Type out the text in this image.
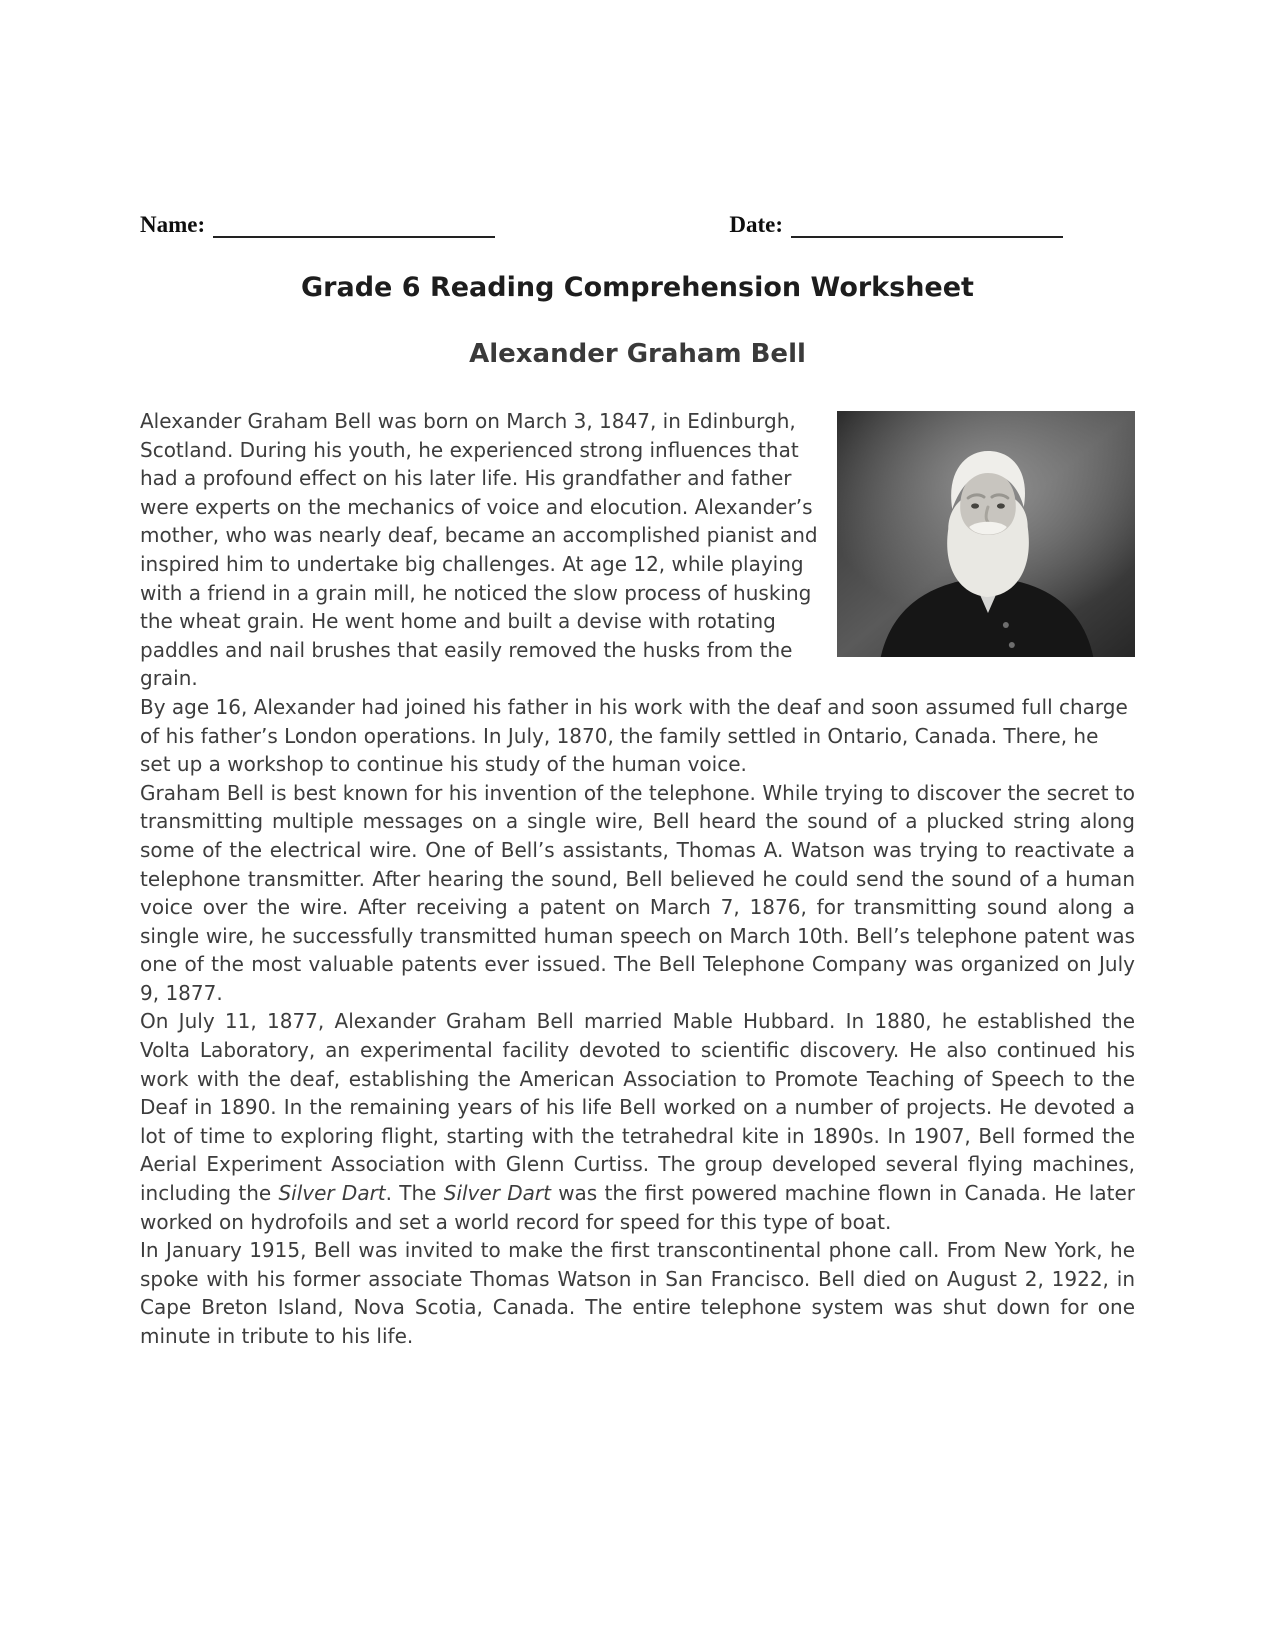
Name:	Date:
Grade 6 Reading Comprehension Worksheet
Alexander Graham Bell

Alexander Graham Bell was born on March 3, 1847, in Edinburgh, Scotland. During his youth, he experienced strong influences that had a profound effect on his later life. His grandfather and father were experts on the mechanics of voice and elocution. Alexander’s mother, who was nearly deaf, became an accomplished pianist and inspired him to undertake big challenges. At age 12, while playing with a friend in a grain mill, he noticed the slow process of husking the wheat grain. He went home and built a devise with rotating paddles and nail brushes that easily removed the husks from the grain.

By age 16, Alexander had joined his father in his work with the deaf and soon assumed full charge of his father’s London operations. In July, 1870, the family settled in Ontario, Canada. There, he set up a workshop to continue his study of the human voice.

Graham Bell is best known for his invention of the telephone. While trying to discover the secret to transmitting multiple messages on a single wire, Bell heard the sound of a plucked string along some of the electrical wire. One of Bell’s assistants, Thomas A. Watson was trying to reactivate a telephone transmitter. After hearing the sound, Bell believed he could send the sound of a human voice over the wire. After receiving a patent on March 7, 1876, for transmitting sound along a single wire, he successfully transmitted human speech on March 10th. Bell’s telephone patent was one of the most valuable patents ever issued. The Bell Telephone Company was organized on July 9, 1877.

On July 11, 1877, Alexander Graham Bell married Mable Hubbard. In 1880, he established the Volta Laboratory, an experimental facility devoted to scientific discovery. He also continued his work with the deaf, establishing the American Association to Promote Teaching of Speech to the Deaf in 1890. In the remaining years of his life Bell worked on a number of projects. He devoted a lot of time to exploring flight, starting with the tetrahedral kite in 1890s. In 1907, Bell formed the Aerial Experiment Association with Glenn Curtiss. The group developed several flying machines, including the Silver Dart. The Silver Dart was the first powered machine flown in Canada. He later worked on hydrofoils and set a world record for speed for this type of boat.

In January 1915, Bell was invited to make the first transcontinental phone call. From New York, he spoke with his former associate Thomas Watson in San Francisco. Bell died on August 2, 1922, in Cape Breton Island, Nova Scotia, Canada. The entire telephone system was shut down for one minute in tribute to his life.
